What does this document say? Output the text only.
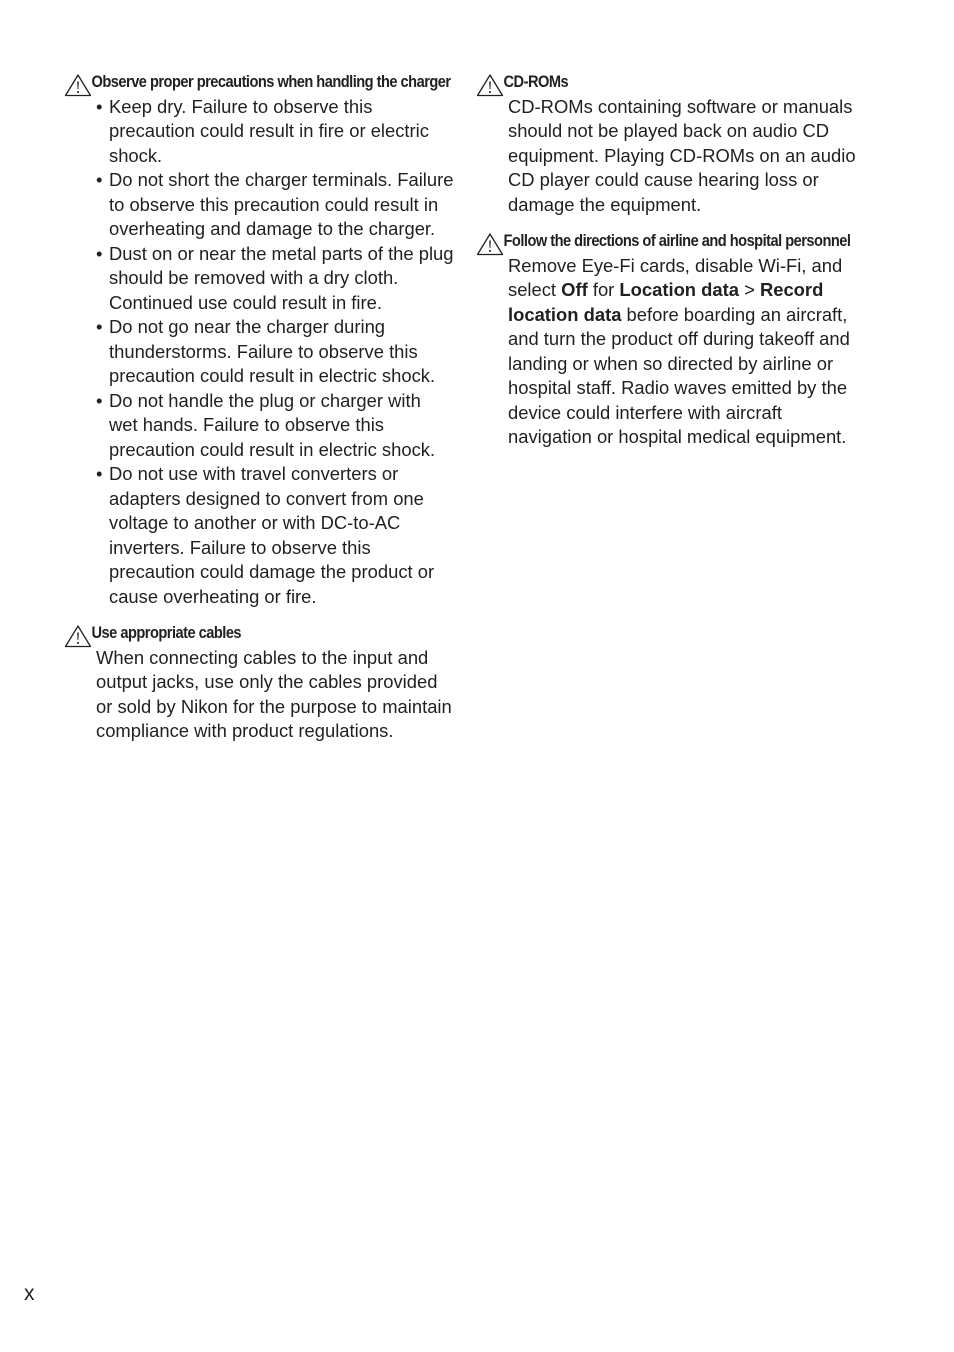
Observe proper precautions when handling the charger
• Keep dry. Failure to observe this precaution could result in fire or electric shock.
• Do not short the charger terminals. Failure to observe this precaution could result in overheating and damage to the charger.
• Dust on or near the metal parts of the plug should be removed with a dry cloth. Continued use could result in fire.
• Do not go near the charger during thunderstorms. Failure to observe this precaution could result in electric shock.
• Do not handle the plug or charger with wet hands. Failure to observe this precaution could result in electric shock.
• Do not use with travel converters or adapters designed to convert from one voltage to another or with DC-to-AC inverters. Failure to observe this precaution could damage the product or cause overheating or fire.
Use appropriate cables

When connecting cables to the input and output jacks, use only the cables provided or sold by Nikon for the purpose to maintain compliance with product regulations.

CD-ROMs

CD-ROMs containing software or manuals should not be played back on audio CD equipment. Playing CD-ROMs on an audio CD player could cause hearing loss or damage the equipment.

Follow the directions of airline and hospital personnel

Remove Eye-Fi cards, disable Wi-Fi, and select Off for Location data > Record location data before boarding an aircraft, and turn the product off during takeoff and landing or when so directed by airline or hospital staff. Radio waves emitted by the device could interfere with aircraft navigation or hospital medical equipment.

x
